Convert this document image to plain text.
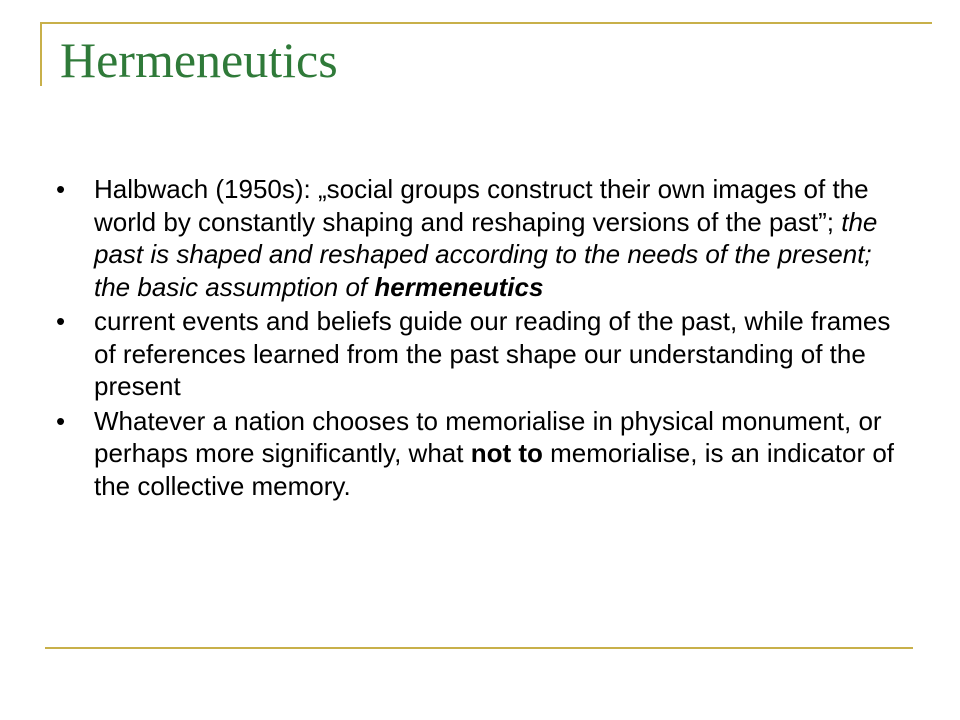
Hermeneutics
• Halbwach (1950s): „social groups construct their own images of the world by constantly shaping and reshaping versions of the past”; the past is shaped and reshaped according to the needs of the present; the basic assumption of hermeneutics
• current events and beliefs guide our reading of the past, while frames of references learned from the past shape our understanding of the present
• Whatever a nation chooses to memorialise in physical monument, or perhaps more significantly, what not to memorialise, is an indicator of the collective memory.
